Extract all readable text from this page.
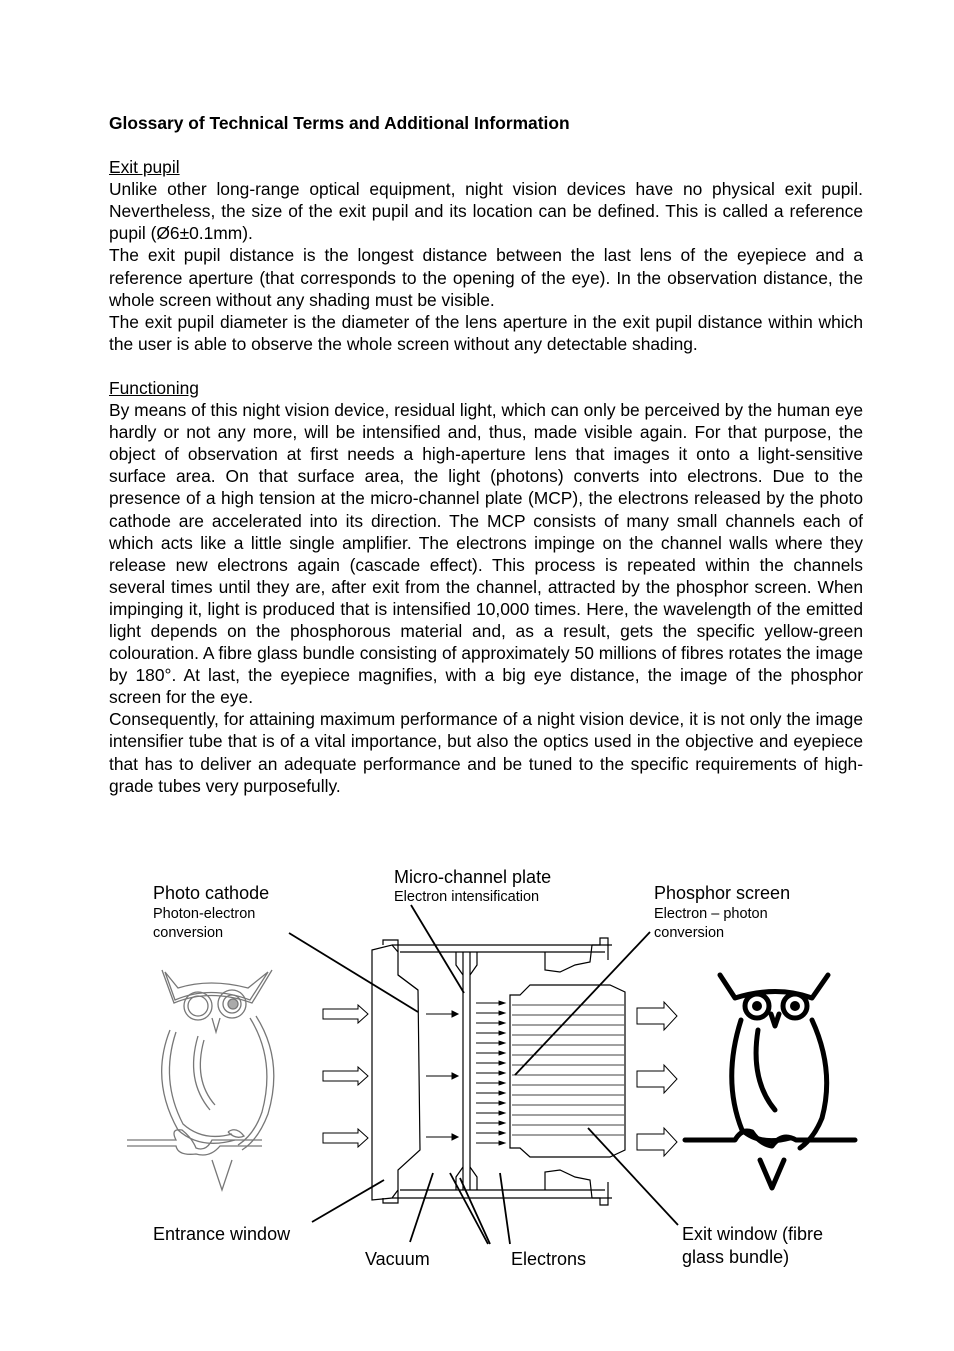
Glossary of Technical Terms and Additional Information

Exit pupil

Unlike other long-range optical equipment, night vision devices have no physical exit pupil. Nevertheless, the size of the exit pupil and its location can be defined. This is called a reference pupil (Ø6±0.1mm).

The exit pupil distance is the longest distance between the last lens of the eyepiece and a reference aperture (that corresponds to the opening of the eye). In the observation distance, the whole screen without any shading must be visible.

The exit pupil diameter is the diameter of the lens aperture in the exit pupil distance within which the user is able to observe the whole screen without any detectable shading.

Functioning

By means of this night vision device, residual light, which can only be perceived by the human eye hardly or not any more, will be intensified and, thus, made visible again. For that purpose, the object of observation at first needs a high-aperture lens that images it onto a light-sensitive surface area. On that surface area, the light (photons) converts into electrons. Due to the presence of a high tension at the micro-channel plate (MCP), the electrons released by the photo cathode are accelerated into its direction. The MCP consists of many small channels each of which acts like a little single amplifier. The electrons impinge on the channel walls where they release new electrons again (cascade effect). This process is repeated within the channels several times until they are, after exit from the channel, attracted by the phosphor screen. When impinging it, light is produced that is intensified 10,000 times. Here, the wavelength of the emitted light depends on the phosphorous material and, as a result, gets the specific yellow-green colouration. A fibre glass bundle consisting of approximately 50 millions of fibres rotates the image by 180°. At last, the eyepiece magnifies, with a big eye distance, the image of the phosphor screen for the eye.

Consequently, for attaining maximum performance of a night vision device, it is not only the image intensifier tube that is of a vital importance, but also the optics used in the objective and eyepiece that has to deliver an adequate performance and be tuned to the specific requirements of high-grade tubes very purposefully.

Photo cathode
Photon-electron
conversion
Micro-channel plate
Electron intensification	Phosphor screen
Electron – photon
conversion
Entrance window
Vacuum	Electrons
Exit window (fibre
glass bundle)
